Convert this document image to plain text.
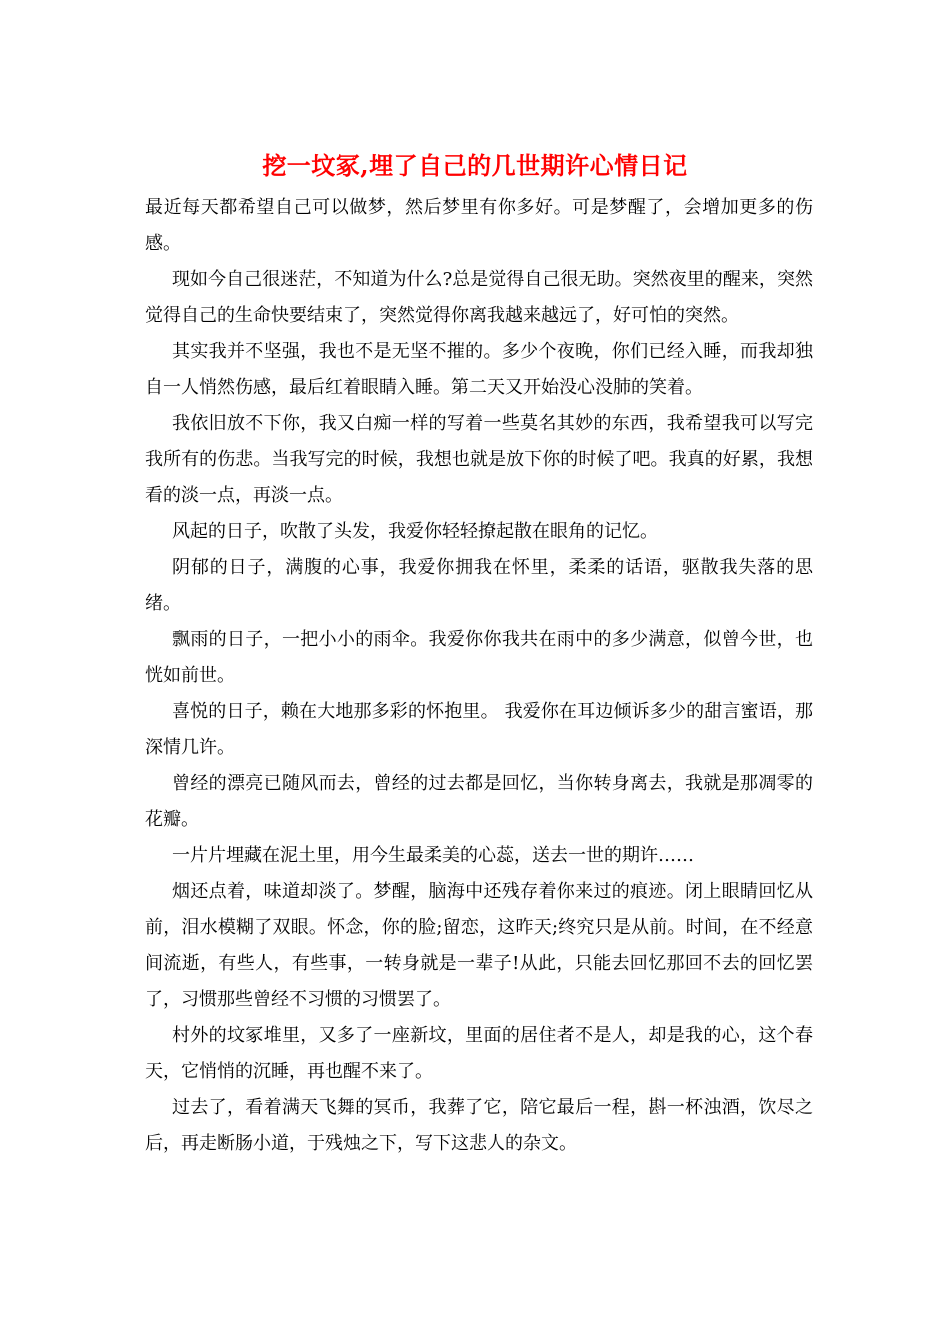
挖一坟冢,埋了自己的几世期许心情日记

最近每天都希望自己可以做梦，然后梦里有你多好。可是梦醒了，会增加更多的伤感。

现如今自己很迷茫，不知道为什么?总是觉得自己很无助。突然夜里的醒来，突然觉得自己的生命快要结束了，突然觉得你离我越来越远了，好可怕的突然。

其实我并不坚强，我也不是无坚不摧的。多少个夜晚，你们已经入睡，而我却独自一人悄然伤感，最后红着眼睛入睡。第二天又开始没心没肺的笑着。

我依旧放不下你，我又白痴一样的写着一些莫名其妙的东西，我希望我可以写完我所有的伤悲。当我写完的时候，我想也就是放下你的时候了吧。我真的好累，我想看的淡一点，再淡一点。

风起的日子，吹散了头发，我爱你轻轻撩起散在眼角的记忆。

阴郁的日子，满腹的心事，我爱你拥我在怀里，柔柔的话语，驱散我失落的思绪。

飘雨的日子，一把小小的雨伞。我爱你你我共在雨中的多少满意，似曾今世，也恍如前世。

喜悦的日子，赖在大地那多彩的怀抱里。 我爱你在耳边倾诉多少的甜言蜜语，那深情几许。

曾经的漂亮已随风而去，曾经的过去都是回忆，当你转身离去，我就是那凋零的花瓣。

一片片埋藏在泥土里，用今生最柔美的心蕊，送去一世的期许……

烟还点着，味道却淡了。梦醒，脑海中还残存着你来过的痕迹。闭上眼睛回忆从前，泪水模糊了双眼。怀念，你的脸;留恋，这昨天;终究只是从前。时间，在不经意间流逝，有些人，有些事，一转身就是一辈子!从此，只能去回忆那回不去的回忆罢了，习惯那些曾经不习惯的习惯罢了。

村外的坟冢堆里，又多了一座新坟，里面的居住者不是人，却是我的心，这个春天，它悄悄的沉睡，再也醒不来了。

过去了，看着满天飞舞的冥币，我葬了它，陪它最后一程，斟一杯浊酒，饮尽之后，再走断肠小道，于残烛之下，写下这悲人的杂文。
